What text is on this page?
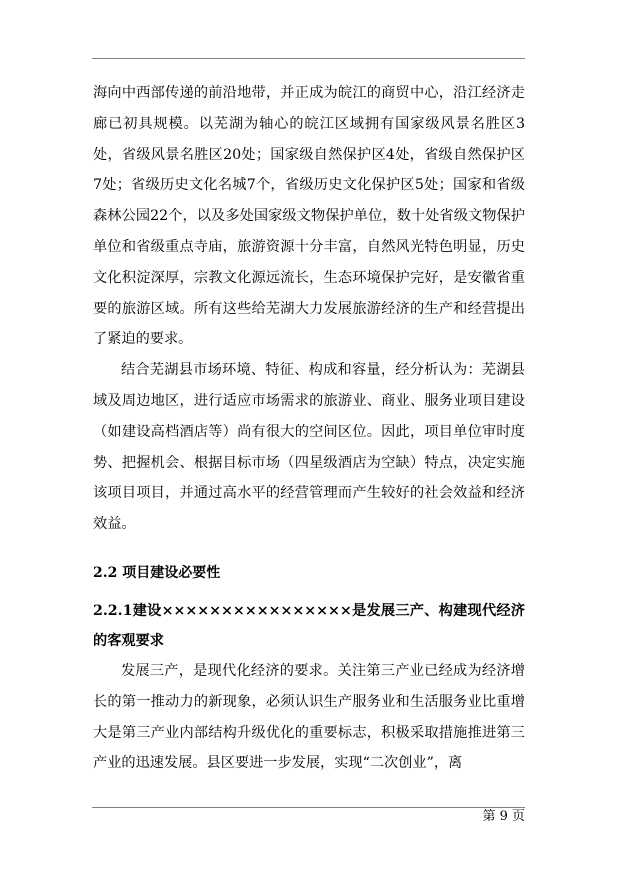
海向中西部传递的前沿地带，并正成为皖江的商贸中心，沿江经济走廊已初具规模。以芜湖为轴心的皖江区域拥有国家级风景名胜区3处，省级风景名胜区20处；国家级自然保护区4处，省级自然保护区7处；省级历史文化名城7个，省级历史文化保护区5处；国家和省级森林公园22个，以及多处国家级文物保护单位，数十处省级文物保护单位和省级重点寺庙，旅游资源十分丰富，自然风光特色明显，历史文化积淀深厚，宗教文化源远流长，生态环境保护完好，是安徽省重要的旅游区域。所有这些给芜湖大力发展旅游经济的生产和经营提出了紧迫的要求。

结合芜湖县市场环境、特征、构成和容量，经分析认为：芜湖县域及周边地区，进行适应市场需求的旅游业、商业、服务业项目建设（如建设高档酒店等）尚有很大的空间区位。因此，项目单位审时度势、把握机会、根据目标市场（四星级酒店为空缺）特点，决定实施该项目项目，并通过高水平的经营管理而产生较好的社会效益和经济效益。

2.2 项目建设必要性
2.2.1建设××××××××××××××××是发展三产、构建现代经济的客观要求

发展三产，是现代化经济的要求。关注第三产业已经成为经济增长的第一推动力的新现象，必须认识生产服务业和生活服务业比重增大是第三产业内部结构升级优化的重要标志，积极采取措施推进第三产业的迅速发展。县区要进一步发展，实现“二次创业”，离

第 9 页
